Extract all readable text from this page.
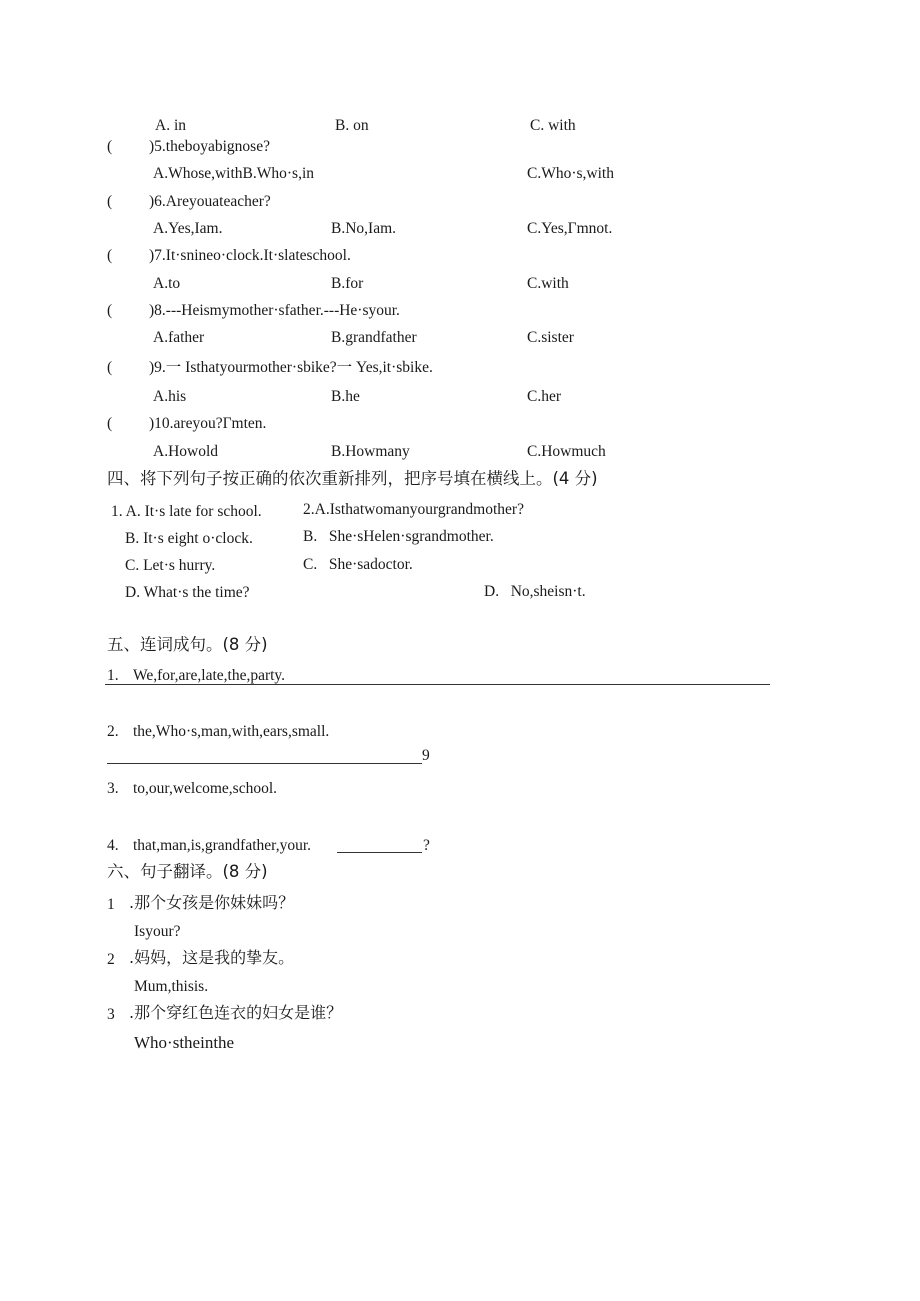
A. in	B. on	C. with
( )5.theboyabignose?
A.Whose,withB.Who·s,in	C.Who·s,with
( )6.Areyouateacher?
A.Yes,Iam.	B.No,Iam.	C.Yes,Γmnot.
( )7.It·snineo·clock.It·slateschool.
A.to	B.for	C.with
( )8.---Heismymother·sfather.---He·syour.
A.father	B.grandfather	C.sister
( )9.一 Isthatyourmother·sbike?一 Yes,it·sbike.
A.his	B.he	C.her
( )10.areyou?Γmten.
A.Howold	B.Howmany	C.Howmuch
四、将下列句子按正确的依次重新排列，把序号填在横线上。(4 分)
1. A. It·s late for school.
B. It·s eight o·clock.
C. Let·s hurry.
D. What·s the time?
2.A.Isthatwomanyourgrandmother?
B.   She·sHelen·sgrandmother.
C.   She·sadoctor.
D.   No,sheisn·t.
五、连词成句。(8 分)
1. We,for,are,late,the,party.
2. the,Who·s,man,with,ears,small.
9
3. to,our,welcome,school.
4. that,man,is,grandfather,your.	?
六、句子翻译。(8 分)
1 .那个女孩是你妹妹吗？
Isyour?
2 .妈妈，这是我的挚友。
Mum,thisis.
3 .那个穿红色连衣的妇女是谁？
Who·stheinthe
